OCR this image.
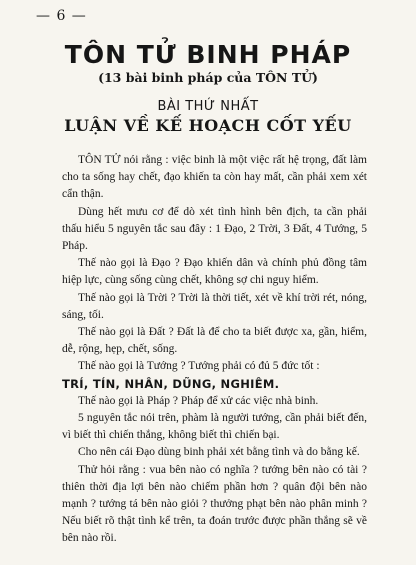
— 6 —
TÔN TỬ BINH PHÁP
(13 bài binh pháp của TÔN TỬ)
BÀI THỨ NHẤT
LUẬN VỀ KẾ HOẠCH CỐT YẾU

TÔN TỬ nói rằng : việc binh là một việc rất hệ trọng, đất làm cho ta sống hay chết, đạo khiến ta còn hay mất, cần phải xem xét cẩn thận.

Dùng hết mưu cơ để dò xét tình hình bên địch, ta cần phải thấu hiểu 5 nguyên tắc sau đây : 1 Đạo, 2 Trời, 3 Đất, 4 Tướng, 5 Pháp.

Thế nào gọi là Đạo ? Đạo khiến dân và chính phủ đồng tâm hiệp lực, cùng sống cùng chết, không sợ chi nguy hiểm.

Thế nào gọi là Trời ? Trời là thời tiết, xét về khí trời rét, nóng, sáng, tối.

Thế nào gọi là Đất ? Đất là để cho ta biết được xa, gần, hiểm, dễ, rộng, hẹp, chết, sống.

Thế nào gọi là Tướng ? Tướng phải có đủ 5 đức tốt :

TRÍ, TÍN, NHÂN, DŨNG, NGHIÊM.

Thế nào gọi là Pháp ? Pháp để xử các việc nhà binh.

5 nguyên tắc nói trên, phàm là người tướng, cần phải biết đến, vì biết thì chiến thắng, không biết thì chiến bại.

Cho nên cái Đạo dùng binh phải xét bằng tình và do bằng kế.

Thử hỏi rằng : vua bên nào có nghĩa ? tướng bên nào có tài ? thiên thời địa lợi bên nào chiếm phần hơn ? quân đội bên nào mạnh ? tướng tá bên nào giỏi ? thưởng phạt bên nào phân minh ? Nếu biết rõ thật tình kể trên, ta đoán trước được phần thắng sẽ về bên nào rồi.
